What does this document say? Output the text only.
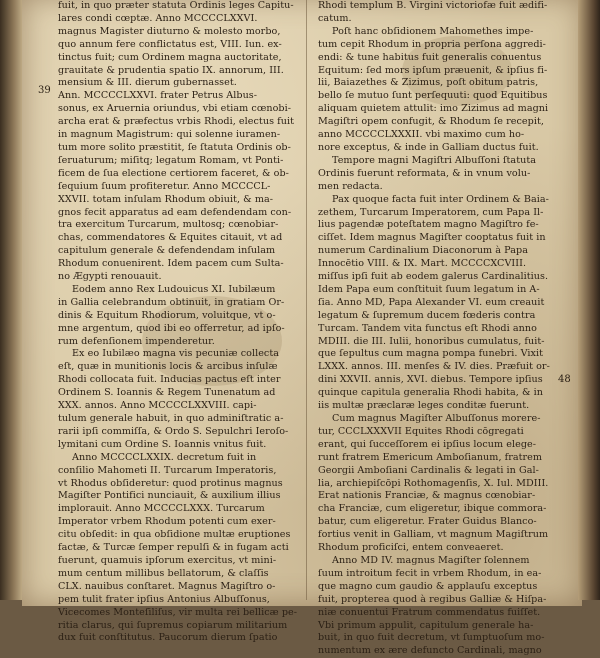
39
48
fuit, in quo præter statuta Ordinis leges Capitu-
lares condi cœptæ. Anno MCCCCLXXVI.
magnus Magister diuturno & molesto morbo,
quo annum fere conflictatus est, VIII. Iun. ex-
tinctus fuit; cum Ordinem magna auctoritate,
grauitate & prudentia spatio IX. annorum, III.
mensium & III. dierum gubernasset.
Ann. MCCCCLXXVI. frater Petrus Albus-
sonus, ex Aruernia oriundus, vbi etiam cœnobi-
archa erat & præfectus vrbis Rhodi, electus fuit
in magnum Magistrum: qui solenne iuramen-
tum more solito præstitit, ſe ſtatuta Ordinis ob-
ſeruaturum; miſitq; legatum Romam, vt Ponti-
ficem de ſua electione certiorem faceret, & ob-
ſequium ſuum profiteretur. Anno MCCCCL-
XXVII. totam inſulam Rhodum obiuit, & ma-
gnos fecit apparatus ad eam defendendam con-
tra exercitum Turcarum, multosq; cœnobiar-
chas, commendatores & Equites citauit, vt ad
capitulum generale & defendendam inſulam
Rhodum conuenirent. Idem pacem cum Sulta-
no Ægypti renouauit.
Eodem anno Rex Ludouicus XI. Iubilæum
in Gallia celebrandum obtinuit, in gratiam Or-
dinis & Equitum Rhodiorum, voluitque, vt o-
mne argentum, quod ibi eo offerretur, ad ipſo-
rum defenſionem impenderetur.
Ex eo Iubilæo magna vis pecuniæ collecta
eſt, quæ in munitionis locis & arcibus inſulæ
Rhodi collocata fuit. Inducias pactus eſt inter
Ordinem S. Ioannis & Regem Tunenatum ad
XXX. annos. Anno MCCCCLXXVIII. capi-
tulum generale habuit, in quo adminiſtratic a-
rarii ipſi commiſſa, & Ordo S. Sepulchri Ieroſo-
lymitani cum Ordine S. Ioannis vnitus fuit.
Anno MCCCCLXXIX. decretum fuit in
conſilio Mahometi II. Turcarum Imperatoris,
vt Rhodus obſideretur: quod protinus magnus
Magiſter Pontifici nunciauit, & auxilium illius
implorauit. Anno MCCCCLXXX. Turcarum
Imperator vrbem Rhodum potenti cum exer-
citu obſedit: in qua obſidione multæ eruptiones
factæ, & Turcæ ſemper repulſi & in fugam acti
fuerunt, quamuis ipſorum exercitus, vt mini-
mum centum millibus bellatorum, & claſſis
CLX. nauibus conſtaret. Magnus Magiſtro o-
pem tulit frater ipſius Antonius Albuſſonus,
Vicecomes Monteſiliſus, vir multa rei bellicæ pe-
ritia clarus, qui ſupremus copiarum militarium
dux fuit conſtitutus. Paucorum dierum ſpatio
Rhodi templum B. Virgini victoriofæ fuit ædifi-
catum.
Poſt hanc obſidionem Mahomethes impe-
tum cepit Rhodum in propria perſona aggredi-
endi: & tune habitus fuit generalis conuentus
Equitum: ſed mors ipſum præuenit, & ipſius fi-
lii, Baiazethes & Zizimus, poſt obitum patris,
bello ſe mutuo ſunt perſequuti: quod Equitibus
aliquam quietem attulit: imo Zizimus ad magni
Magiſtri opem confugit, & Rhodum ſe recepit,
anno MCCCCLXXXII. vbi maximo cum ho-
nore exceptus, & inde in Galliam ductus fuit.
Tempore magni Magiſtri Albuſſoni ſtatuta
Ordinis fuerunt reformata, & in vnum volu-
men redacta.
Pax quoque facta fuit inter Ordinem & Baia-
zethem, Turcarum Imperatorem, cum Papa Il-
lius pagendæ poteſtatem magno Magiſtro fe-
ciſſet. Idem magnus Magiſter cooptatus fuit in
numerum Cardinalium Diaconorum à Papa
Innocētio VIII. & IX. Mart. MCCCCXCVIII.
miſſus ipſi fuit ab eodem galerus Cardinalitius.
Idem Papa eum conſtituit ſuum legatum in A-
ſia. Anno MD, Papa Alexander VI. eum creauit
legatum & ſupremum ducem fœderis contra
Turcam. Tandem vita functus eſt Rhodi anno
MDIII. die III. Iulii, honoribus cumulatus, fuit-
que ſepultus cum magna pompa funebri. Vixit
LXXX. annos. III. menſes & IV. dies. Præfuit or-
dini XXVII. annis, XVI. diebus. Tempore ipſius
quinque capitula generalia Rhodi habita, & in
iis multæ præclaræ leges conditæ fuerunt.
Cum magnus Magiſter Albuſſonus morere-
tur, CCCLXXXVII Equites Rhodi cōgregati
erant, qui ſucceſſorem ei ipſius locum elege-
runt fratrem Emericum Amboſianum, fratrem
Georgii Amboſiani Cardinalis & legati in Gal-
lia, archiepiſcōpi Rothomagenſis, X. Iul. MDIII.
Erat nationis Franciæ, & magnus cœnobiar-
cha Franciæ, cum eligeretur, ibique commora-
batur, cum eligeretur. Frater Guidus Blanco-
fortius venit in Galliam, vt magnum Magiſtrum
Rhodum proficiſci, entem conveaeret.
Anno MD IV. magnus Magiſter ſolennem
ſuum introitum fecit in vrbem Rhodum, in ea-
que magno cum gaudio & applauſu exceptus
fuit, propterea quod à regibus Galliæ & Hiſpa-
niæ conuentui Fratrum commendatus fuiſſet.
Vbi primum appulit, capitulum generale ha-
buit, in quo fuit decretum, vt ſumptuoſum mo-
numentum ex ære defuncto Cardinali, magno
